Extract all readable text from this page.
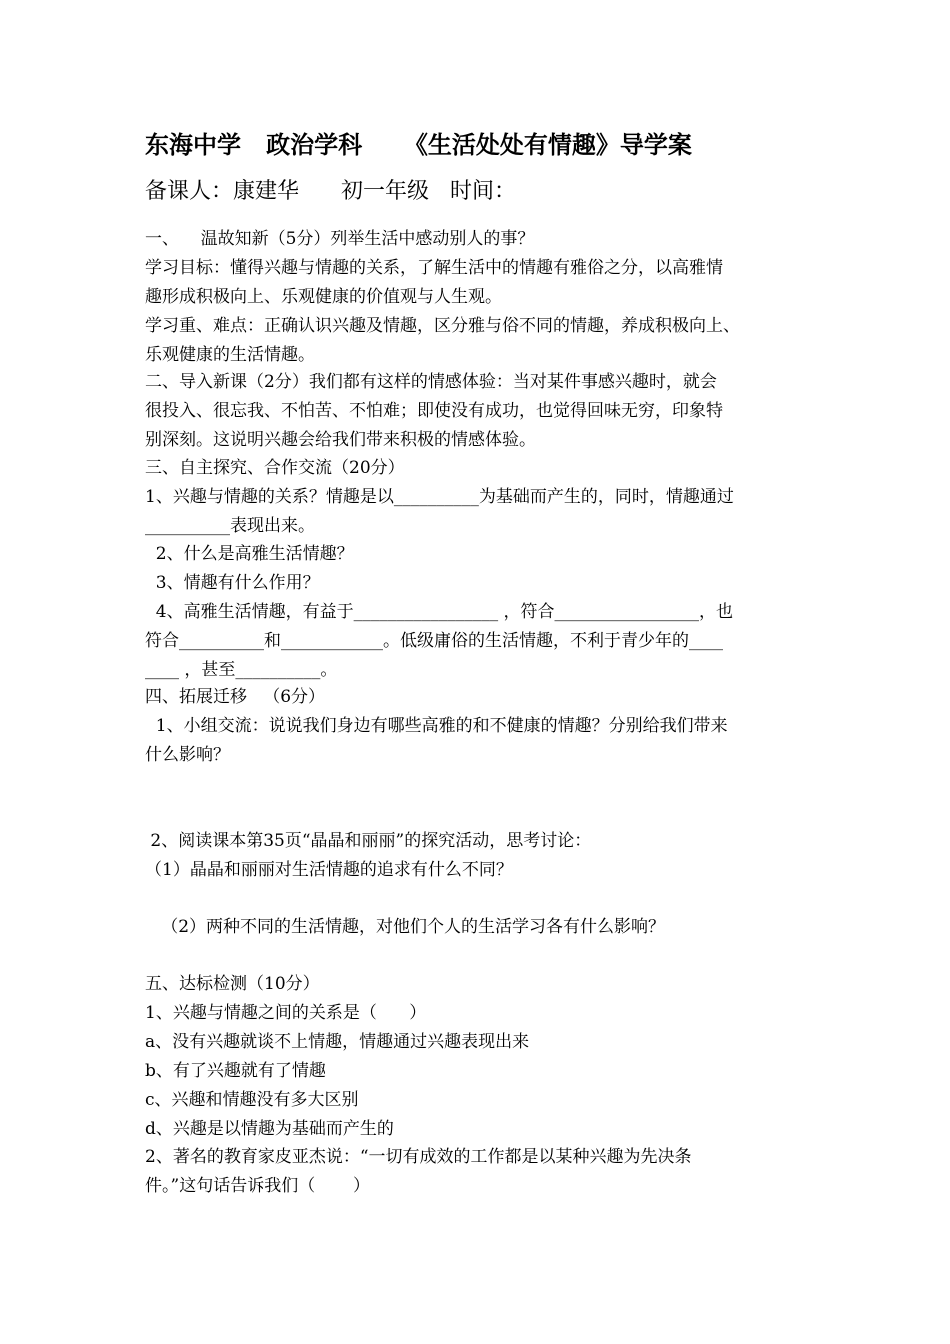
东海中学   政治学科     《生活处处有情趣》导学案
备课人：康建华      初一年级   时间：
一、    温故知新（5分）列举生活中感动别人的事？
学习目标：懂得兴趣与情趣的关系，了解生活中的情趣有雅俗之分，以高雅情
趣形成积极向上、乐观健康的价值观与人生观。
学习重、难点：正确认识兴趣及情趣，区分雅与俗不同的情趣，养成积极向上、
乐观健康的生活情趣。
二、导入新课（2分）我们都有这样的情感体验：当对某件事感兴趣时，就会
很投入、很忘我、不怕苦、不怕难；即使没有成功，也觉得回味无穷，印象特
别深刻。这说明兴趣会给我们带来积极的情感体验。
三、自主探究、合作交流（20分）
1、兴趣与情趣的关系？情趣是以__________为基础而产生的，同时，情趣通过
__________表现出来。
2、什么是高雅生活情趣？
3、情趣有什么作用？
4、高雅生活情趣，有益于_________________ ，符合_________________，也
符合__________和____________。低级庸俗的生活情趣，不利于青少年的____
____ ，甚至__________。
四、拓展迁移   （6分）
1、小组交流：说说我们身边有哪些高雅的和不健康的情趣？分别给我们带来
什么影响？
2、阅读课本第35页“晶晶和丽丽”的探究活动，思考讨论：
（1）晶晶和丽丽对生活情趣的追求有什么不同？
（2）两种不同的生活情趣，对他们个人的生活学习各有什么影响？
五、达标检测（10分）
1、兴趣与情趣之间的关系是（      ）
a、没有兴趣就谈不上情趣，情趣通过兴趣表现出来
b、有了兴趣就有了情趣
c、兴趣和情趣没有多大区别
d、兴趣是以情趣为基础而产生的
2、著名的教育家皮亚杰说：“一切有成效的工作都是以某种兴趣为先决条
件。”这句话告诉我们（       ）
